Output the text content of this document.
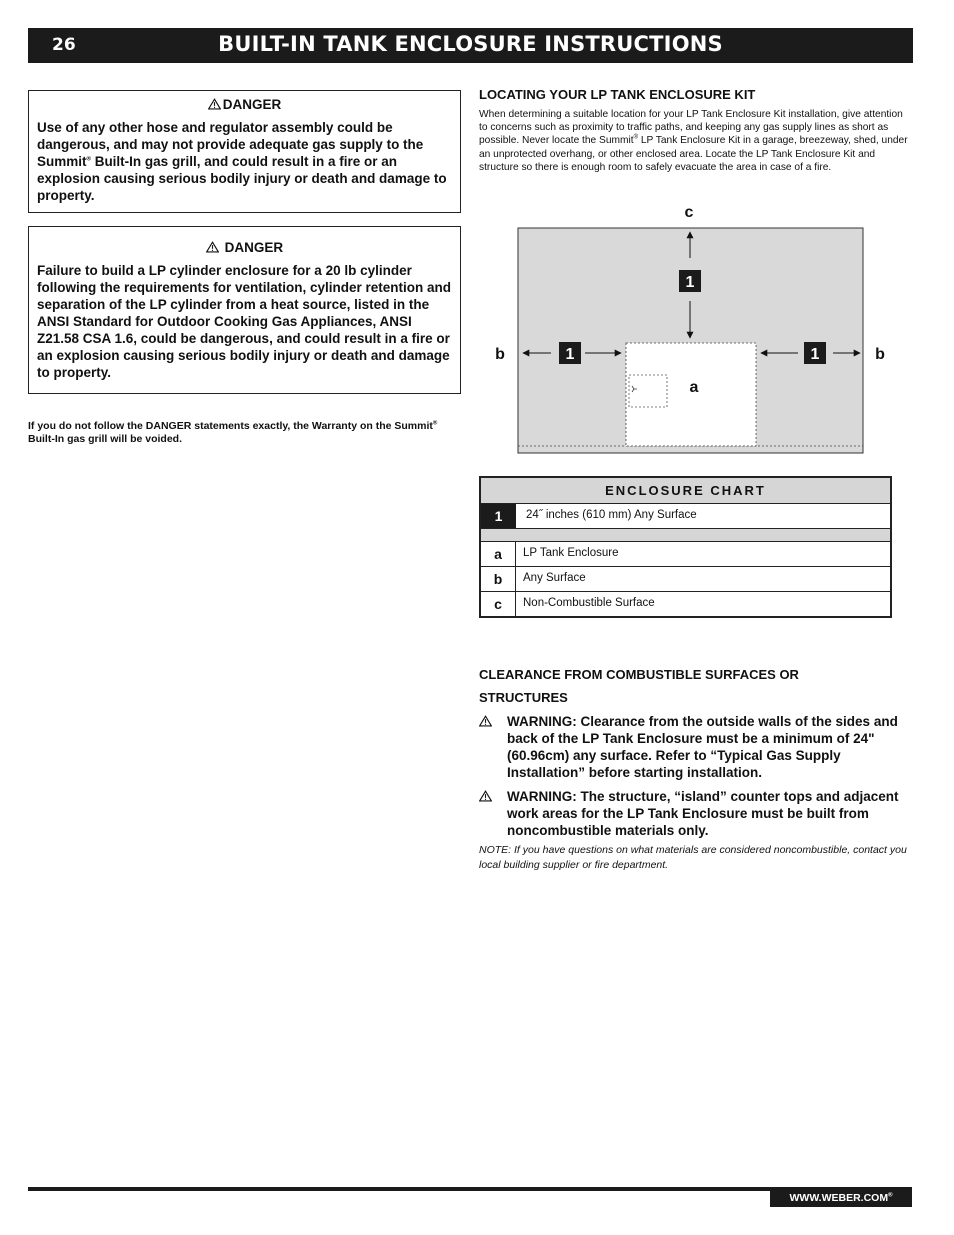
26	BUILT-IN TANK ENCLOSURE INSTRUCTIONS
DANGER
Use of any other hose and regulator assembly could be dangerous, and may not provide adequate gas supply to the Summit® Built-In gas grill, and could result in a fire or an explosion causing serious bodily injury or death and damage to property.
DANGER
Failure to build a LP cylinder enclosure for a 20 lb cylinder following the requirements for ventilation, cylinder retention and separation of the LP cylinder from a heat source, listed in the ANSI Standard for Outdoor Cooking Gas Appliances, ANSI Z21.58 CSA 1.6, could be dangerous, and could result in a fire or an explosion causing serious bodily injury or death and damage to property.
If you do not follow the DANGER statements exactly, the Warranty on the Summit® Built-In gas grill will be voided.
LOCATING YOUR LP TANK ENCLOSURE KIT
When determining a suitable location for your LP Tank Enclosure Kit installation, give attention to concerns such as proximity to traffic paths, and keeping any gas supply lines as short as possible. Never locate the Summit® LP Tank Enclosure Kit in a garage, breezeway, shed, under an unprotected overhang, or other enclosed area. Locate the LP Tank Enclosure Kit and structure so there is enough room to safely evacuate the area in case of a fire.
1
1	1
c
b	b
a
ENCLOSURE CHART
1	24˝ inches (610 mm) Any Surface
a	LP Tank Enclosure
b	Any Surface
c	Non-Combustible Surface
CLEARANCE FROM COMBUSTIBLE SURFACES OR
STRUCTURES
WARNING: Clearance from the outside walls of the sides and back of the LP Tank Enclosure must be a minimum of 24" (60.96cm) any surface. Refer to “Typical Gas Supply Installation” before starting installation.
WARNING: The structure, “island” counter tops and adjacent work areas for the LP Tank Enclosure must be built from noncombustible materials only.
NOTE: If you have questions on what materials are considered noncombustible, contact you local building supplier or fire department.
WWW.WEBER.COM®
